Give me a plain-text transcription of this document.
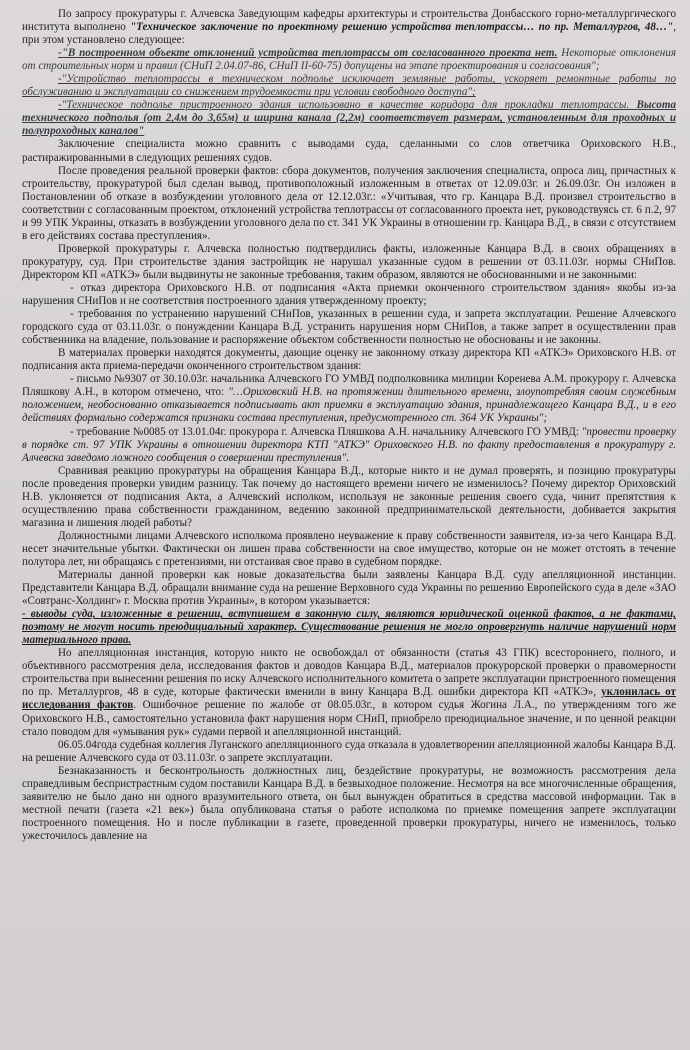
По запросу прокуратуры г. Алчевска Заведующим кафедры архитектуры и строительства Донбасского горно-металлургического института выполнено "Техническое заключение по проектному решению устройства теплотрассы… по пр. Металлургов, 48…", при этом установлено следующее:

-"В построенном объекте отклонений устройства теплотрассы от согласованного проекта нет. Некоторые отклонения от строительных норм и правил (СНиП 2.04.07-86, СНиП II-60-75) допущены на этапе проектирования и согласования";

-"Устройство теплотрассы в техническом подполье исключает земляные работы, ускоряет ремонтные работы по обслуживанию и эксплуатации со снижением трудоемкости при условии свободного доступа";

-"Техническое подполье пристроенного здания использовано в качестве коридора для прокладки теплотрассы. Высота технического подполья (от 2,4м до 3,65м) и ширина канала (2,2м) соответствует размерам, установленным для проходных и полупроходных каналов"

Заключение специалиста можно сравнить с выводами суда, сделанными со слов ответчика Ориховского Н.В., растиражированными в следующих решениях судов.

После проведения реальной проверки фактов: сбора документов, получения заключения специалиста, опроса лиц, причастных к строительству, прокуратурой был сделан вывод, противоположный изложенным в ответах от 12.09.03г. и 26.09.03г. Он изложен в Постановлении об отказе в возбуждении уголовного дела от 12.12.03г.: «Учитывая, что гр. Канцара В.Д. произвел строительство в соответствии с согласованным проектом, отклонений устройства теплотрассы от согласованного проекта нет, руководствуясь ст. 6 п.2, 97 и 99 УПК Украины, отказать в возбуждении уголовного дела по ст. 341 УК Украины в отношении гр. Канцара В.Д., в связи с отсутствием в его действиях состава преступления».

Проверкой прокуратуры г. Алчевска полностью подтвердились факты, изложенные Канцара В.Д. в своих обращениях в прокуратуру, суд. При строительстве здания застройщик не нарушал указанные судом в решении от 03.11.03г. нормы СНиПов. Директором КП «АТКЭ» были выдвинуты не законные требования, таким образом, являются не обоснованными и не законными:

- отказ директора Ориховского Н.В. от подписания «Акта приемки оконченного строительством здания» якобы из-за нарушения СНиПов и не соответствия построенного здания утвержденному проекту;

- требования по устранению нарушений СНиПов, указанных в решении суда, и запрета эксплуатации. Решение Алчевского городского суда от 03.11.03г. о понуждении Канцара В.Д. устранить нарушения норм СНиПов, а также запрет в осуществлении прав собственника на владение, пользование и распоряжение объектом собственности полностью не обоснованы и не законны.

В материалах проверки находятся документы, дающие оценку не законному отказу директора КП «АТКЭ» Ориховского Н.В. от подписания акта приема-передачи оконченного строительством здания:

- письмо №9307 от 30.10.03г. начальника Алчевского ГО УМВД подполковника милиции Коренева А.М. прокурору г. Алчевска Пляшкову А.Н., в котором отмечено, что: "…Ориховский Н.В. на протяжении длительного времени, злоупотребляя своим служебным положением, необоснованно отказывается подписывать акт приемки в эксплуатацию здания, принадлежащего Канцара В.Д., и в его действиях формально содержатся признаки состава преступления, предусмотренного ст. 364 УК Украины";

- требование №0085 от 13.01.04г. прокурора г. Алчевска Пляшкова А.Н. начальнику Алчевского ГО УМВД: "провести проверку в порядке ст. 97 УПК Украины в отношении директора КТП "АТКЭ" Ориховского Н.В. по факту предоставления в прокуратуру г. Алчевска заведомо ложного сообщения о совершении преступления".

Сравнивая реакцию прокуратуры на обращения Канцара В.Д., которые никто и не думал проверять, и позицию прокуратуры после проведения проверки увидим разницу. Так почему до настоящего времени ничего не изменилось? Почему директор Ориховский Н.В. уклоняется от подписания Акта, а Алчевский исполком, используя не законные решения своего суда, чинит препятствия к осуществлению права собственности гражданином, ведению законной предпринимательской деятельности, добивается закрытия магазина и лишения людей работы?

Должностными лицами Алчевского исполкома проявлено неуважение к праву собственности заявителя, из-за чего Канцара В.Д. несет значительные убытки. Фактически он лишен права собственности на свое имущество, которые он не может отстоять в течение полутора лет, ни обращаясь с претензиями, ни отстаивая свое право в судебном порядке.

Материалы данной проверки как новые доказательства были заявлены Канцара В.Д. суду апелляционной инстанции. Представители Канцара В.Д. обращали внимание суда на решение Верховного суда Украины по решению Европейского суда в деле «ЗАО «Совтранс-Холдинг» г. Москва против Украины», в котором указывается:

- выводы суда, изложенные в решении, вступившем в законную силу, являются юридической оценкой фактов, а не фактами, поэтому не могут носить преюдициальный характер. Существование решения не могло опровергнуть наличие нарушений норм материального права.

Но апелляционная инстанция, которую никто не освобождал от обязанности (статья 43 ГПК) всестороннего, полного, и объективного рассмотрения дела, исследования фактов и доводов Канцара В.Д., материалов прокурорской проверки о правомерности строительства при вынесении решения по иску Алчевского исполнительного комитета о запрете эксплуатации пристроенного помещения по пр. Металлургов, 48 в суде, которые фактически вменили в вину Канцара В.Д. ошибки директора КП «АТКЭ», уклонилась от исследования фактов. Ошибочное решение по жалобе от 08.05.03г., в котором судья Жогина Л.А., по утверждениям того же Ориховского Н.В., самостоятельно установила факт нарушения норм СНиП, приобрело преюдициальное значение, и по ценной реакции стало поводом для «умывания рук» судами первой и апелляционной инстанций.

06.05.04года судебная коллегия Луганского апелляционного суда отказала в удовлетворении апелляционной жалобы Канцара В.Д. на решение Алчевского суда от 03.11.03г. о запрете эксплуатации.

Безнаказанность и бесконтрольность должностных лиц, бездействие прокуратуры, не возможность рассмотрения дела справедливым беспристрастным судом поставили Канцара В.Д. в безвыходное положение. Несмотря на все многочисленные обращения, заявителю не было дано ни одного вразумительного ответа, он был вынужден обратиться в средства массовой информации. Так в местной печати (газета «21 век») была опубликована статья о работе исполкома по приемке помещения запрете эксплуатации построенного помещения. Но и после публикации в газете, проведенной проверки прокуратуры, ничего не изменилось, только ужесточилось давление на
